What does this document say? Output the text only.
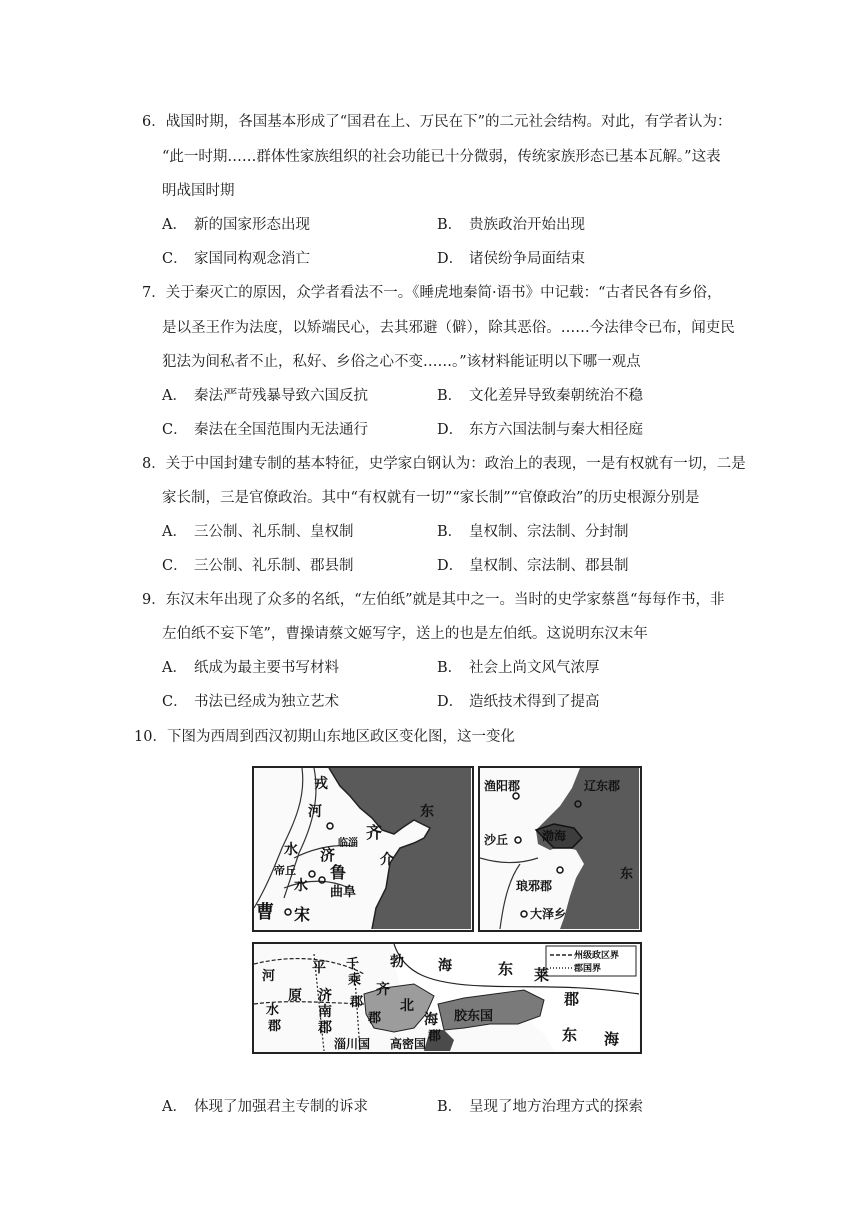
6．战国时期，各国基本形成了“国君在上、万民在下”的二元社会结构。对此，有学者认为：
“此一时期……群体性家族组织的社会功能已十分微弱，传统家族形态已基本瓦解。”这表
明战国时期
A． 新的国家形态出现	B． 贵族政治开始出现
C． 家国同构观念消亡	D． 诸侯纷争局面结束
7．关于秦灭亡的原因，众学者看法不一。《睡虎地秦简·语书》中记载：“古者民各有乡俗，
是以圣王作为法度，以矫端民心，去其邪避（僻），除其恶俗。……今法律令已布，闻吏民
犯法为间私者不止，私好、乡俗之心不变……。”该材料能证明以下哪一观点
A． 秦法严苛残暴导致六国反抗	B． 文化差异导致秦朝统治不稳
C． 秦法在全国范围内无法通行	D． 东方六国法制与秦大相径庭
8．关于中国封建专制的基本特征，史学家白钢认为：政治上的表现，一是有权就有一切，二是
家长制，三是官僚政治。其中“有权就有一切”“家长制”“官僚政治”的历史根源分别是
A． 三公制、礼乐制、皇权制	B． 皇权制、宗法制、分封制
C． 三公制、礼乐制、郡县制	D． 皇权制、宗法制、郡县制
9．东汉末年出现了众多的名纸，“左伯纸”就是其中之一。当时的史学家蔡邕“每每作书，非
左伯纸不妄下笔”，曹操请蔡文姬写字，送上的也是左伯纸。这说明东汉末年
A． 纸成为最主要书写材料	B． 社会上尚文风气浓厚
C． 书法已经成为独立艺术	D． 造纸技术得到了提高
10．下图为西周到西汉初期山东地区政区变化图，这一变化
戎
河
齐
临淄
东
济
水
帝丘
介
鲁
水 曲阜
曹 宋
渔阳郡	辽东郡
渤海
沙丘
琅邪郡
东
大泽乡
州级政区界
郡国界
河
平 千
乘
勃 海	东 莱
郡
原 济
南
郡
齐
北
水
郡
郡
郡	海 胶东国
郡	东 海
淄川国 高密国
A． 体现了加强君主专制的诉求	B． 呈现了地方治理方式的探索
